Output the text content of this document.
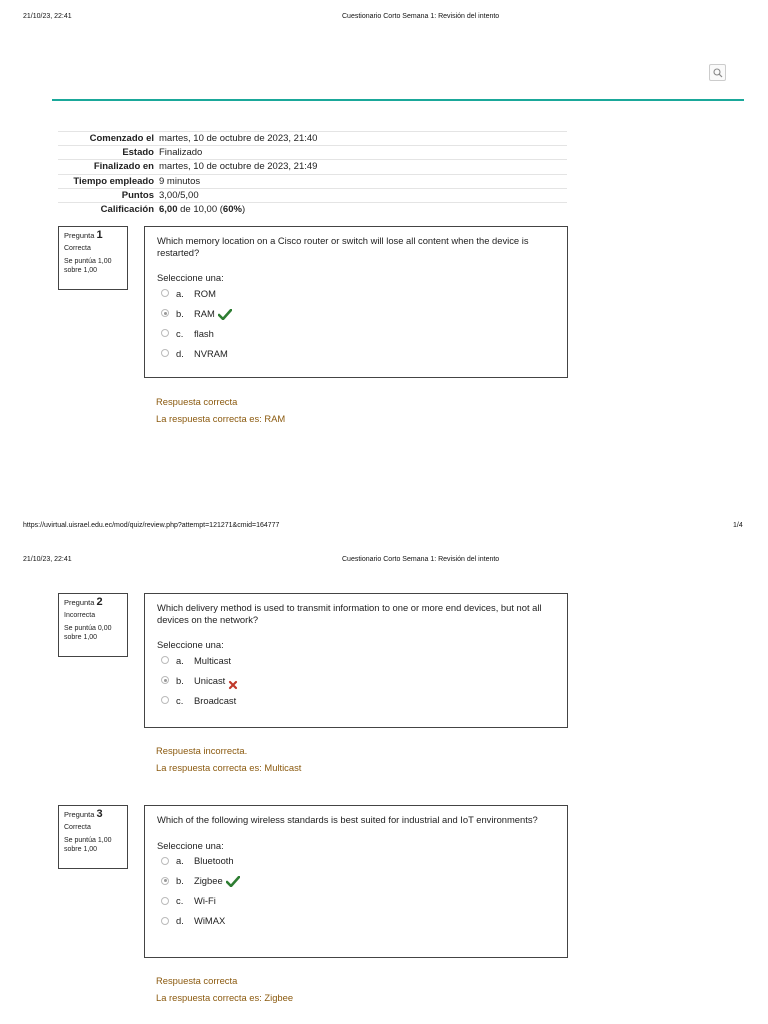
21/10/23, 22:41	Cuestionario Corto Semana 1: Revisión del intento
Comenzado el	martes, 10 de octubre de 2023, 21:40
Estado	Finalizado
Finalizado en	martes, 10 de octubre de 2023, 21:49
Tiempo empleado	9 minutos
Puntos	3,00/5,00
Calificación	6,00 de 10,00 (60%)
Pregunta 1
Correcta
Se puntúa 1,00 sobre 1,00
Which memory location on a Cisco router or switch will lose all content when the device is restarted?
Seleccione una:
a. ROM
b. RAM
c. flash
d. NVRAM
Respuesta correcta
La respuesta correcta es: RAM
https://uvirtual.uisrael.edu.ec/mod/quiz/review.php?attempt=121271&cmid=164777	1/4
21/10/23, 22:41	Cuestionario Corto Semana 1: Revisión del intento
Pregunta 2
Incorrecta
Se puntúa 0,00 sobre 1,00
Which delivery method is used to transmit information to one or more end devices, but not all devices on the network?
Seleccione una:
a. Multicast
b. Unicast
c. Broadcast
Respuesta incorrecta.
La respuesta correcta es: Multicast
Pregunta 3
Correcta
Se puntúa 1,00 sobre 1,00
Which of the following wireless standards is best suited for industrial and IoT environments?
Seleccione una:
a. Bluetooth
b. Zigbee
c. Wi-Fi
d. WiMAX
Respuesta correcta
La respuesta correcta es: Zigbee
